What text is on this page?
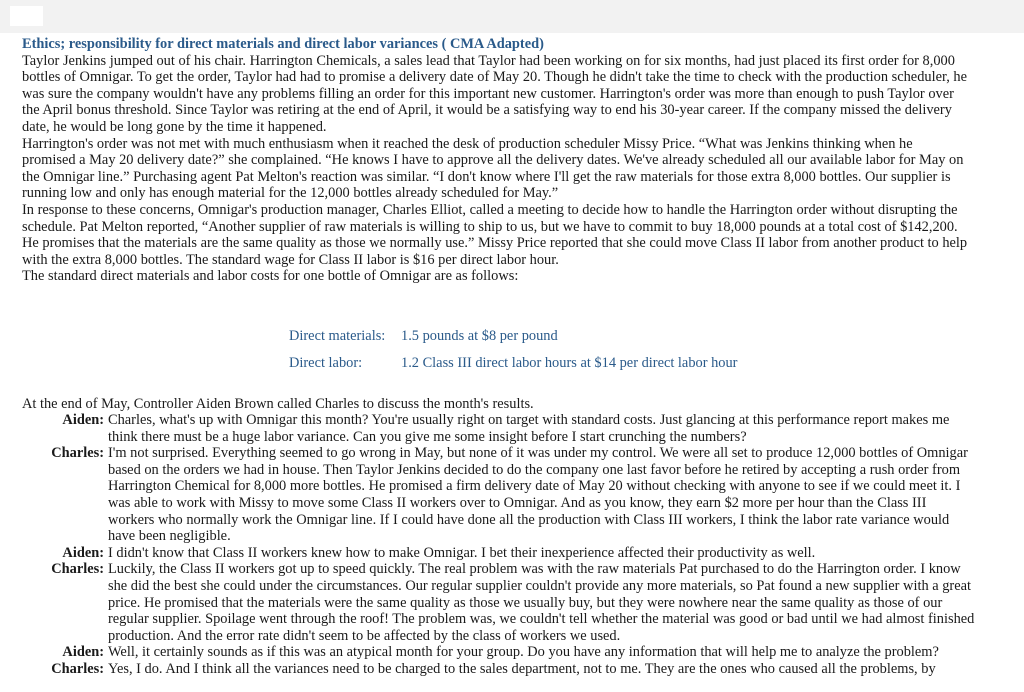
Ethics; responsibility for direct materials and direct labor variances ( CMA Adapted)

Taylor Jenkins jumped out of his chair. Harrington Chemicals, a sales lead that Taylor had been working on for six months, had just placed its first order for 8,000
bottles of Omnigar. To get the order, Taylor had had to promise a delivery date of May 20. Though he didn't take the time to check with the production scheduler, he
was sure the company wouldn't have any problems filling an order for this important new customer. Harrington's order was more than enough to push Taylor over
the April bonus threshold. Since Taylor was retiring at the end of April, it would be a satisfying way to end his 30-year career. If the company missed the delivery
date, he would be long gone by the time it happened.

Harrington's order was not met with much enthusiasm when it reached the desk of production scheduler Missy Price. “What was Jenkins thinking when he
promised a May 20 delivery date?” she complained. “He knows I have to approve all the delivery dates. We've already scheduled all our available labor for May on
the Omnigar line.” Purchasing agent Pat Melton's reaction was similar. “I don't know where I'll get the raw materials for those extra 8,000 bottles. Our supplier is
running low and only has enough material for the 12,000 bottles already scheduled for May.”

In response to these concerns, Omnigar's production manager, Charles Elliot, called a meeting to decide how to handle the Harrington order without disrupting the
schedule. Pat Melton reported, “Another supplier of raw materials is willing to ship to us, but we have to commit to buy 18,000 pounds at a total cost of $142,200.
He promises that the materials are the same quality as those we normally use.” Missy Price reported that she could move Class II labor from another product to help
with the extra 8,000 bottles. The standard wage for Class II labor is $16 per direct labor hour.

The standard direct materials and labor costs for one bottle of Omnigar are as follows:

Direct materials:	1.5 pounds at $8 per pound
Direct labor:	1.2 Class III direct labor hours at $14 per direct labor hour

At the end of May, Controller Aiden Brown called Charles to discuss the month's results.

Aiden: Charles, what's up with Omnigar this month? You're usually right on target with standard costs. Just glancing at this performance report makes me
think there must be a huge labor variance. Can you give me some insight before I start crunching the numbers?
Charles: I'm not surprised. Everything seemed to go wrong in May, but none of it was under my control. We were all set to produce 12,000 bottles of Omnigar
based on the orders we had in house. Then Taylor Jenkins decided to do the company one last favor before he retired by accepting a rush order from
Harrington Chemical for 8,000 more bottles. He promised a firm delivery date of May 20 without checking with anyone to see if we could meet it. I
was able to work with Missy to move some Class II workers over to Omnigar. And as you know, they earn $2 more per hour than the Class III
workers who normally work the Omnigar line. If I could have done all the production with Class III workers, I think the labor rate variance would
have been negligible.
Aiden: I didn't know that Class II workers knew how to make Omnigar. I bet their inexperience affected their productivity as well.
Charles: Luckily, the Class II workers got up to speed quickly. The real problem was with the raw materials Pat purchased to do the Harrington order. I know
she did the best she could under the circumstances. Our regular supplier couldn't provide any more materials, so Pat found a new supplier with a great
price. He promised that the materials were the same quality as those we usually buy, but they were nowhere near the same quality as those of our
regular supplier. Spoilage went through the roof! The problem was, we couldn't tell whether the material was good or bad until we had almost finished
production. And the error rate didn't seem to be affected by the class of workers we used.
Aiden: Well, it certainly sounds as if this was an atypical month for your group. Do you have any information that will help me to analyze the problem?
Charles: Yes, I do. And I think all the variances need to be charged to the sales department, not to me. They are the ones who caused all the problems, by
